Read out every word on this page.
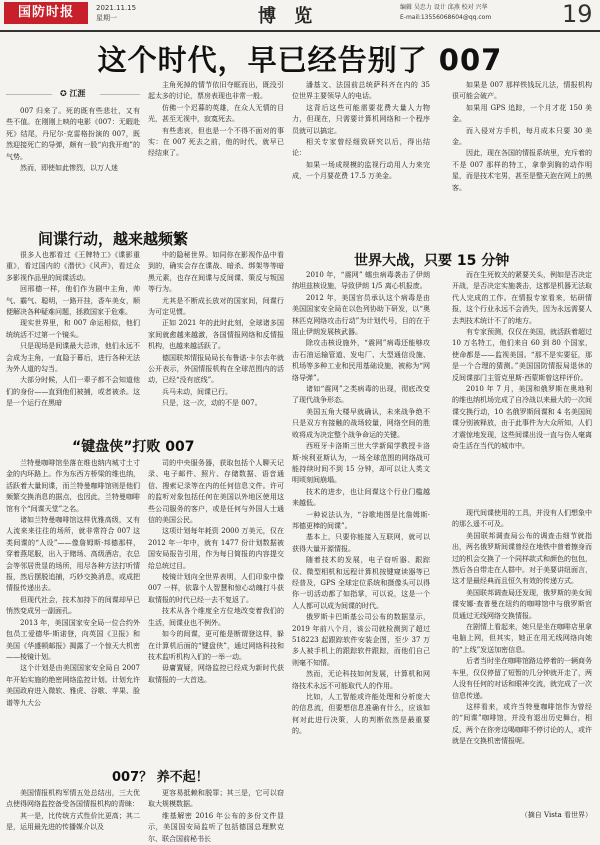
国防时报	2021.11.15
星期一	博 览	编辑 吴忠力 设计 邱燕 校对 兴华
E-mail:13556068604@qq.com	19
这个时代，早已经告别了 007
✪ 江涯

007 归来了。死的既有些悲壮，又有些不值。在刚刚上映的电影《007：无暇赴死》结尾，丹尼尔·克雷格扮演的 007，既然迎接死亡的导弹，颇有一股“向我开炮”的气势。

然而，即使如此惨烈，以万人迷

间谍行动，越来越频繁

很多人也都看过《王牌特工》《谍影重重》，看过国内的《潜伏》《风声》，看过众多影视作品里的间谍活动。

回邢德一样，他们作为剧中主角，帅气、霸气、聪明，一路开挂，香车美女，顺便解决各种疑难问题，拯救国家于危难。

现实世界里，和 007 命运相似，他们统统活不过第一个镜头。

只是现场是间谍最大忌讳，他们永远不会成为主角，一直隐于幕后，进行各种无法为外人道的勾当。

大部分时候，人们一辈子都不会知道他们的身份——直到他们被捕，或者被杀。这是一个运行在黑暗

“键盘侠”打败 007

兰特曼咖啡馆坐落在维也纳内城寸土寸金的内环路上。作为东西方桥梁的维也纳，活跃着大量间谍，而兰特曼咖啡馆则是他们频繁交换消息的据点，也因此，兰特曼咖啡馆有个“间谍天堂”之名。

诸如兰特曼咖啡馆这样优雅高级，又有人流来来往往的场所，就非常符合 007 这类间谍的“人设”——像詹姆斯·邦德那样，穿着燕尾服，出入于赌场、高级酒店，衣总会等邻居贵显的场所，用尽各种方法打听情报，然后摆脱追捕，巧妙交换消息，或成把情报传递出去。

但现代社会，技术加持下的间谍却早已悄然变成另一副面孔。

2013 年，美国国家安全局一位合约外包员工爱德华·斯诺登，向英国《卫报》和美国《华盛顿邮报》揭露了一个惊天大机密——棱镜计划。

这个计划是由美国国家安全局自 2007 年开始实施的绝密网络监控计划。计划允许美国政府进入微软、雅虎、谷歌、苹果、脸谱等九大公

007？ 养不起！

美国情报机构军情五处总结出，三大优点使得网络监控备受各国情报机构的青睐：

其一是，比传统方式性价比更高；其二是，运用最先进的传播媒介以及

主角死掉的情节依旧夺眶而出，既没引起太多的讨论，票房表现也非常一般。

仿佛一个迟暮的英雄，在众人无情的目光，甚至无视中，寂寞死去。

有些悲哀，但也是一个不得不面对的事实：在 007 死去之前，他的时代，就早已经结束了。

中的隐秘世界。如同你在影视作品中看到的，确实会存在谍战、暗杀、绑架等等暗黑元素，也存在间谍与反间谍、策反与叛国等行为。

尤其是不断成长放对的国家间，间谍行为可定见惯。

正如 2021 年的此时此刻，全球诸多国家间就愈越来越激，各国情报网络和反情报机构，也越来越活跃了。

德国联邦情报局局长布鲁诺·卡尔去年就公开表示，外国情报机构在全球范围内的活动，已经“没有底线”。

兵马未动，间谍已行。

只是，这一次，动的不是 007。

司的中央服务器，获取包括个人聊天记录、电子邮件、照片、存储数据、语音通信、搜索记录等在内的任何信息文件。许可的监听对象包括任何在美国以外地区使用这些公司服务的客户，或是任何与外国人士通信的美国公民。

这项计划每年耗资 2000 万美元，仅在 2012 年一年中，就有 1477 份计划数据被国安局报告引用，作为每日简报的内容提交给总统过目。

棱镜计划向全世界表明，人们印象中像 007 一样，依靠个人智慧和惊心动魄打斗获取情报的时代已经一去不复返了。

技术从各个维度全方位地改变着我们的生活，间谍业也不例外。

如今的间谍，更可能是断谓登这样，躲在计算机后面的“键盘侠”，通过网络科技和技术监听机构入们的一举一动。

毋庸置疑，网络监控已经成为新时代获取情报的一大首选。

更容易抵赖和脱罪；其三是，它可以窃取大规模数据。

维基解密 2016 年公布的多份文件显示，美国国安局监听了包括德国总理默克尔、联合国前秘书长

潘基文、法国前总统萨科齐在内的 35 位世界主要领导人的电话。

这背后这些可能需要花费大量人力物力，但现在，只需要计算机网络和一个程序员就可以搞定。

相关专家曾经细致研究以后，得出结论：

如果一场成规模的监视行动用人力来完成，一个月要花费 17.5 万美金。

世界大战，只要 15 分钟

2010 年，“震网” 蠕虫病毒袭击了伊朗纳坦兹核设施，导致伊朗 1/5 离心机报废。

2012 年，美国官员承认这个病毒是由美国国家安全局在以色列协助下研发，以“奥林匹克网络攻击行动”为计划代号，目的在于阻止伊朗发展核武器。

除攻击核设施外，“震网”病毒还能够攻击石油运输管道、发电厂、大型通信设施、机场等多种工业和民用基础设施，被称为“网络导弹”。

诸如“震网”之类病毒的出现，彻底改变了现代战争形态。

美国五角大楼早就确认，未来战争绝不只是双方有接触的战场较量，网络空间的胜败将成为决定整个战争命运的关键。

西班牙卡洛斯三世大学新闻学教授卡洛斯·埃利亚斯认为，一场全球范围的网络战可能持续时间不到 15 分钟，却可以让人类文明顷刻间崩塌。

技术的进步，也让间谍这个行业门槛越来越低。

一种说法认为，“谷歌地图是比詹姆斯·邦德更棒的间谍”。

基本上，只要你能接入互联网，就可以获得大量开源情报。

随着技术的发展，电子窃听器、跟踪仪、微型相机和远程计算机按键窥读器等已经普及，GPS 全球定位系统和摄像头可以得你一切活动都了如指掌，可以说，这是一个人人都可以成为间谍的时代。

俄罗斯卡巴斯基公司公布的数据显示，2019 年前八个月，该公司就检测到了超过 518223 起跟踪软件安装企图，至少 37 万多人被手机上的跟踪软件跟踪，而他们自己则毫不知情。

然而，无论科技如何发展，计算机和网络技术永远不可能取代人的作用。

比如，人工智能或许能处理和分析庞大的信息流，但要想信息准确有什么，应该如何对此进行决策，人的判断依然是最重要的。

如果是 007 那样铁钱玩儿法，情报机构很可能会破产。

如果用 GPS 追踪，一个月才花 150 美金。

而入侵对方手机，每月成本只要 30 美金。

因此，现在各国的情报系统里，充斥着的不是 007 那样的特工，拿拳到胸的动作明星，而是技术宅男，甚至是整天泡在网上的黑客。

而在生死攸关的紧要关头，例如是否决定开战，是否决定实施袭击，这都是机器无法取代人完成的工作。在情报专家看来，钻研情报，这个行业永远不会消失，因为永远需要人去判技术统计不了的地方。

有专家预测，仅仅在美国，就活跃着超过 10 万名特工，他们来自 60 到 80 个国家，使命都是——监视美国。“那不是实要征，那是一个合理的猜测。”美国国防情报局退休的反间谍部门主管克里斯·西蒙斯曾这样评价。

2010 年 7 月，美国和俄罗斯在奥地利的维也纳机场完成了自冷战以来最大的一次间谍交换行动，10 名俄罗斯间谍和 4 名美国间谍分别被释放，由于此事件为大众所知，人们才震惊地发现，这些间谍出没一直与伤人毫离奇生活在当代的城市中。

现代间谍使用的工具，并没有人们想象中的那么遥不可及。

美国联邦调查局公布的调查击细节就指出，两名俄罗斯间谍曾经在地铁中曾着擦身而过的机会交换了一个同样款式和颜色的包包，然后各自带走在人群中。对于美要讲纽面言，这才是最经典而且恒久有效的传递方式。

美国联邦调查局还发现，俄罗斯的美女间谍安娜·查普曼在纽约的咖啡馆中与俄罗斯官员通过无线网络交换情报。

在剧情上看起来，她只是坐在咖啡店里拿电脑上网，但其实，她正在用无线网络向她的“上线”发送加密信息。

后者当时坐在咖啡馆路边停着的一辆商务车里，仅仅停留了短暂的几分钟就开走了，两人没有任何的对话和眼神交流，就完成了一次信息传递。

这样看来，或许当特曼咖啡馆作为曾经的“间谍”咖啡馆，并没有退出历史舞台，相反，两个在你旁边喝咖啡不停讨论的人，或许就是在交换机密情报呢。

（摘自 Vista 看世界）
